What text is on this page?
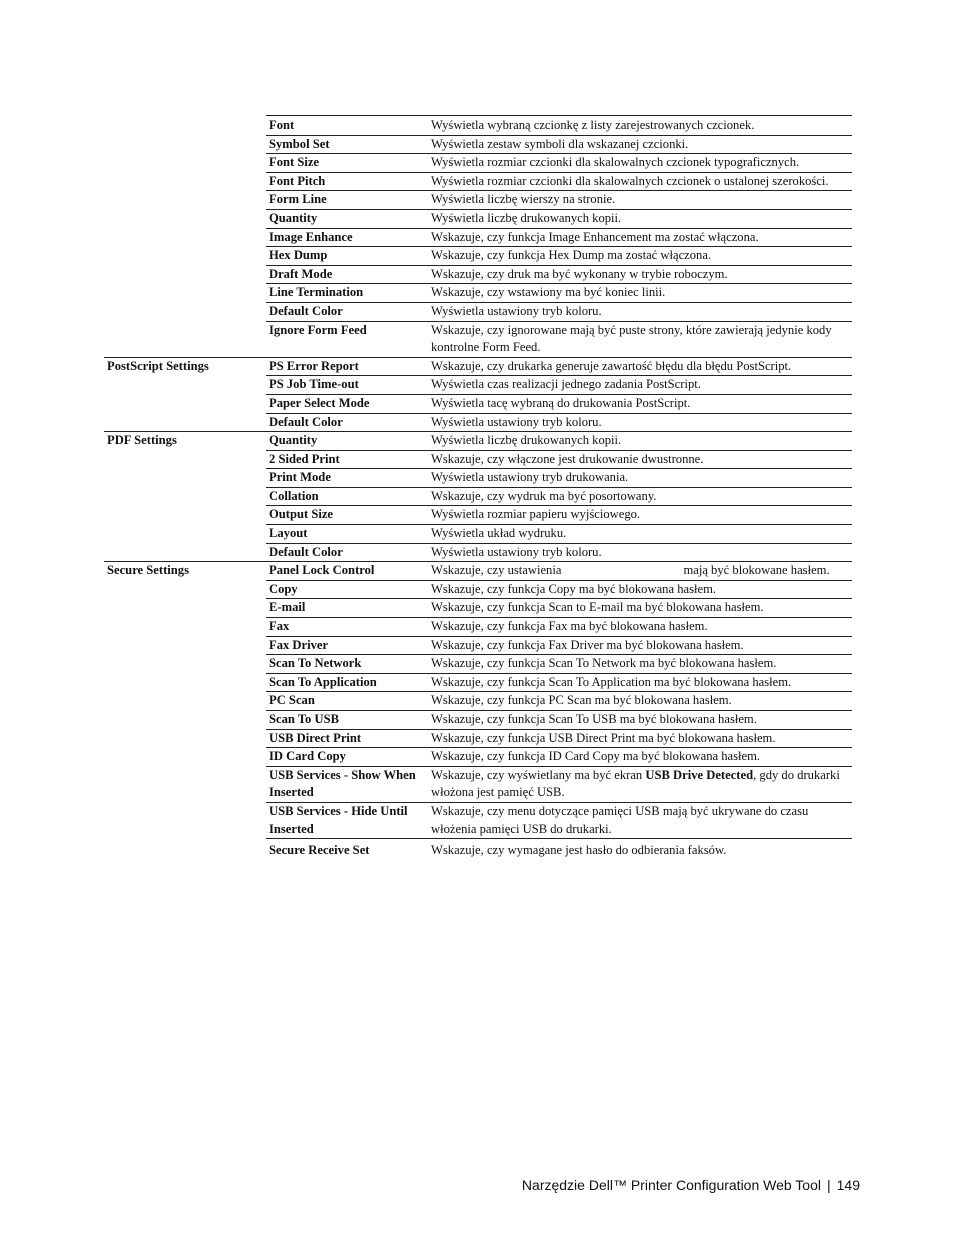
	Font	Wyświetla wybraną czcionkę z listy zarejestrowanych czcionek.
	Symbol Set	Wyświetla zestaw symboli dla wskazanej czcionki.
	Font Size	Wyświetla rozmiar czcionki dla skalowalnych czcionek typograficznych.
	Font Pitch	Wyświetla rozmiar czcionki dla skalowalnych czcionek o ustalonej szerokości.
	Form Line	Wyświetla liczbę wierszy na stronie.
	Quantity	Wyświetla liczbę drukowanych kopii.
	Image Enhance	Wskazuje, czy funkcja Image Enhancement ma zostać włączona.
	Hex Dump	Wskazuje, czy funkcja Hex Dump ma zostać włączona.
	Draft Mode	Wskazuje, czy druk ma być wykonany w trybie roboczym.
	Line Termination	Wskazuje, czy wstawiony ma być koniec linii.
	Default Color	Wyświetla ustawiony tryb koloru.
	Ignore Form Feed	Wskazuje, czy ignorowane mają być puste strony, które zawierają jedynie kody kontrolne Form Feed.
PostScript Settings	PS Error Report	Wskazuje, czy drukarka generuje zawartość błędu dla błędu PostScript.
	PS Job Time-out	Wyświetla czas realizacji jednego zadania PostScript.
	Paper Select Mode	Wyświetla tacę wybraną do drukowania PostScript.
	Default Color	Wyświetla ustawiony tryb koloru.
PDF Settings	Quantity	Wyświetla liczbę drukowanych kopii.
	2 Sided Print	Wskazuje, czy włączone jest drukowanie dwustronne.
	Print Mode	Wyświetla ustawiony tryb drukowania.
	Collation	Wskazuje, czy wydruk ma być posortowany.
	Output Size	Wyświetla rozmiar papieru wyjściowego.
	Layout	Wyświetla układ wydruku.
	Default Color	Wyświetla ustawiony tryb koloru.
Secure Settings	Panel Lock Control	Wskazuje, czy ustawienia mają być blokowane hasłem.
	Copy	Wskazuje, czy funkcja Copy ma być blokowana hasłem.
	E-mail	Wskazuje, czy funkcja Scan to E-mail ma być blokowana hasłem.
	Fax	Wskazuje, czy funkcja Fax ma być blokowana hasłem.
	Fax Driver	Wskazuje, czy funkcja Fax Driver ma być blokowana hasłem.
	Scan To Network	Wskazuje, czy funkcja Scan To Network ma być blokowana hasłem.
	Scan To Application	Wskazuje, czy funkcja Scan To Application ma być blokowana hasłem.
	PC Scan	Wskazuje, czy funkcja PC Scan ma być blokowana hasłem.
	Scan To USB	Wskazuje, czy funkcja Scan To USB ma być blokowana hasłem.
	USB Direct Print	Wskazuje, czy funkcja USB Direct Print ma być blokowana hasłem.
	ID Card Copy	Wskazuje, czy funkcja ID Card Copy ma być blokowana hasłem.
	USB Services - Show When Inserted	Wskazuje, czy wyświetlany ma być ekran USB Drive Detected, gdy do drukarki włożona jest pamięć USB.
	USB Services - Hide Until Inserted	Wskazuje, czy menu dotyczące pamięci USB mają być ukrywane do czasu włożenia pamięci USB do drukarki.
	Secure Receive Set	Wskazuje, czy wymagane jest hasło do odbierania faksów.
Narzędzie Dell™ Printer Configuration Web Tool | 149
